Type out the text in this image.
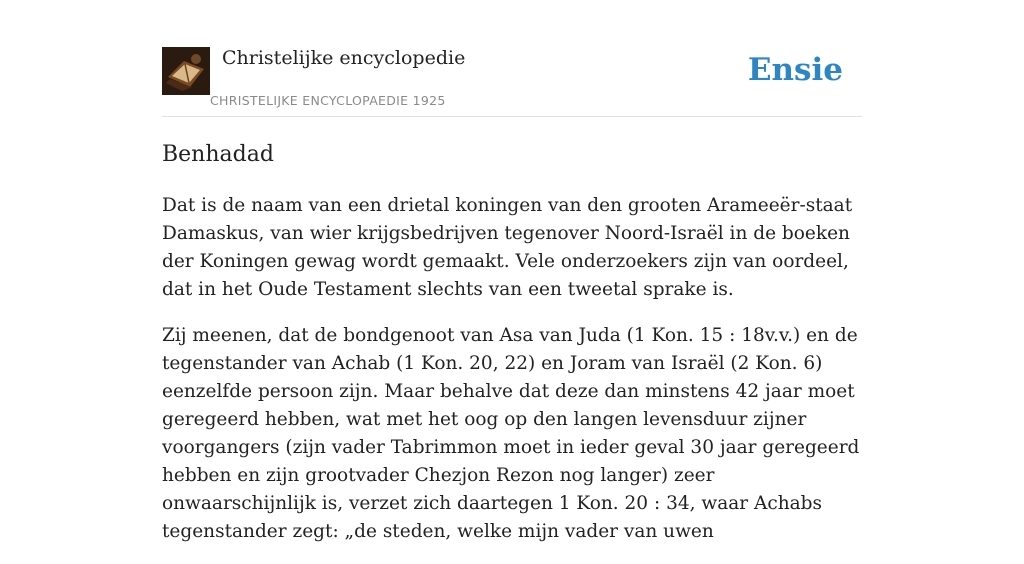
Christelijke encyclopedie
CHRISTELIJKE ENCYCLOPAEDIE 1925
Ensie
Benhadad

Dat is de naam van een drietal koningen van den grooten Arameeër-staat Damaskus, van wier krijgsbedrijven tegenover Noord-Israël in de boeken der Koningen gewag wordt gemaakt. Vele onderzoekers zijn van oordeel, dat in het Oude Testament slechts van een tweetal sprake is.

Zij meenen, dat de bondgenoot van Asa van Juda (1 Kon. 15 : 18v.v.) en de tegenstander van Achab (1 Kon. 20, 22) en Joram van Israël (2 Kon. 6) eenzelfde persoon zijn. Maar behalve dat deze dan minstens 42 jaar moet geregeerd hebben, wat met het oog op den langen levensduur zijner voorgangers (zijn vader Tabrimmon moet in ieder geval 30 jaar geregeerd hebben en zijn grootvader Chezjon Rezon nog langer) zeer onwaarschijnlijk is, verzet zich daartegen 1 Kon. 20 : 34, waar Achabs tegenstander zegt: „de steden, welke mijn vader van uwen
